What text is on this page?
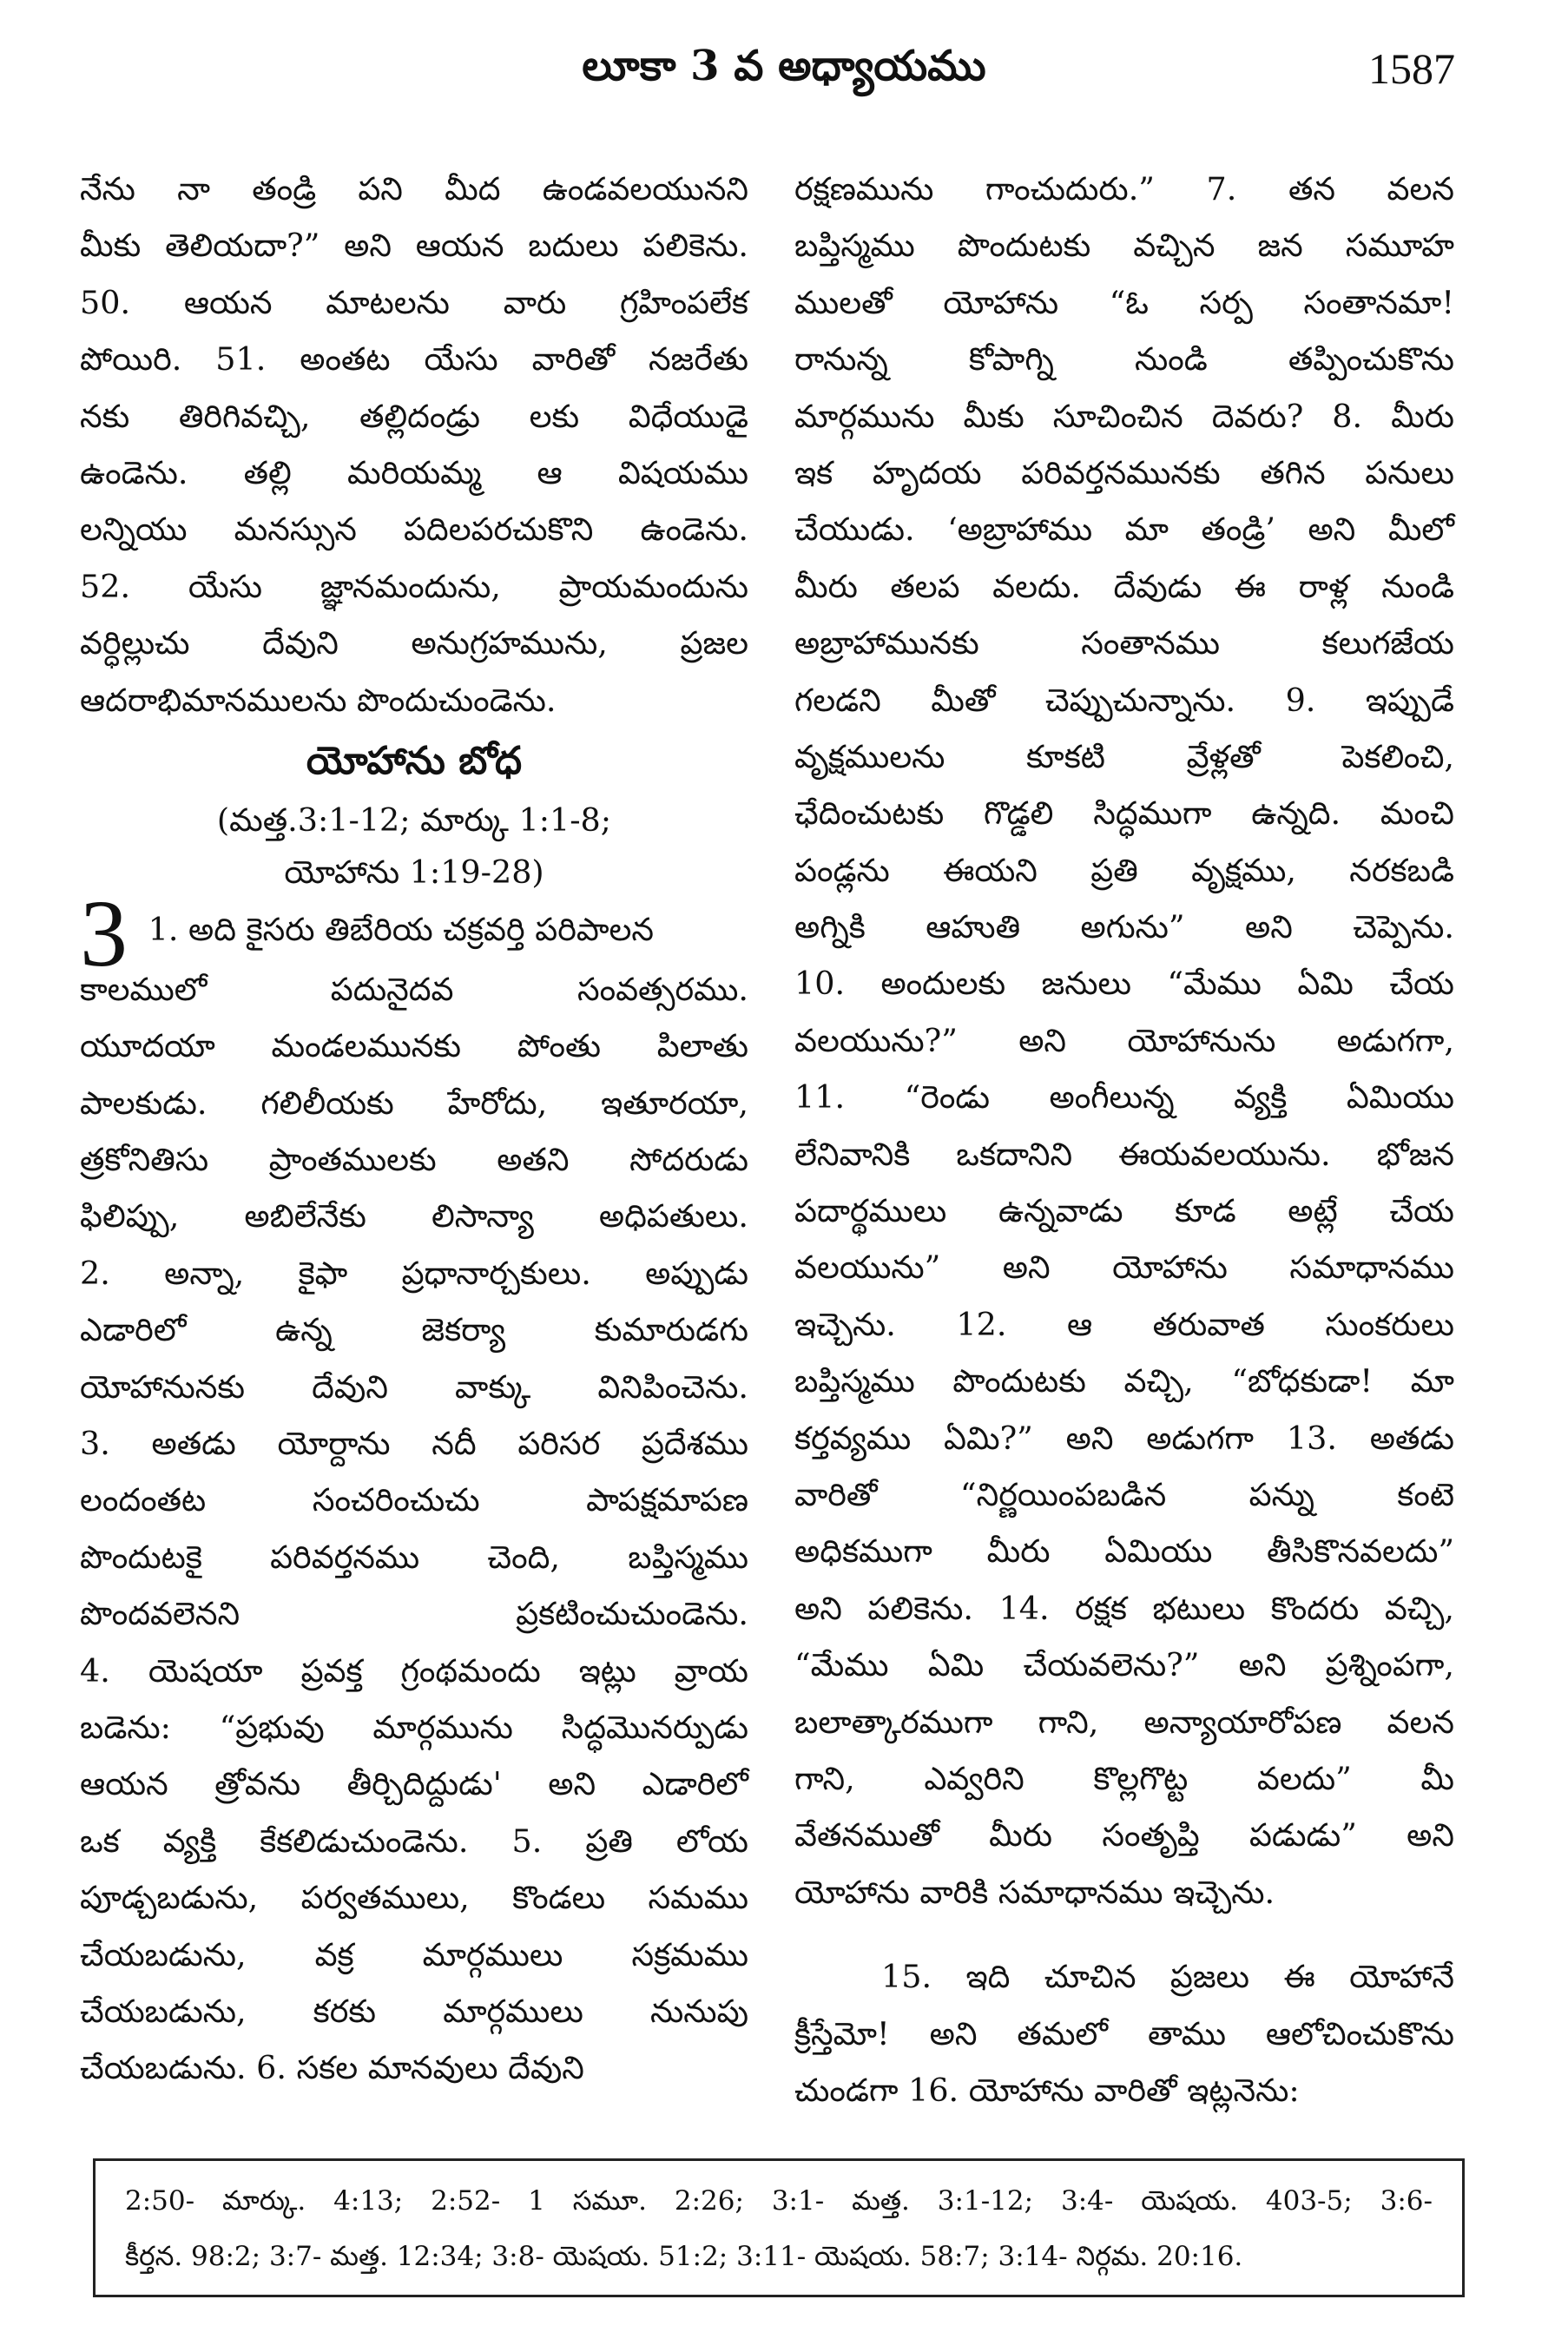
లూకా 3 వ అధ్యాయము	1587
నేను నా తండ్రి పని మీద ఉండవలయునని
మీకు తెలియదా?” అని ఆయన బదులు పలికెను.
50. ఆయన మాటలను వారు గ్రహింపలేక
పోయిరి. 51. అంతట యేసు వారితో నజరేతు
నకు తిరిగివచ్చి, తల్లిదండ్రు లకు విధేయుడై
ఉండెను. తల్లి మరియమ్మ ఆ విషయము
లన్నియు మనస్సున పదిలపరచుకొని ఉండెను.
52. యేసు జ్ఞానమందును, ప్రాయమందును
వర్ధిల్లుచు దేవుని అనుగ్రహమును, ప్రజల
ఆదరాభిమానములను పొందుచుండెను.
యోహాను బోధ
(మత్త.3:1-12; మార్కు 1:1-8;
యోహాను 1:19-28)
3 1. అది కైసరు తిబేరియ చక్రవర్తి పరిపాలన
కాలములో పదునైదవ సంవత్సరము.
యూదయా మండలమునకు పోంతు పిలాతు
పాలకుడు. గలిలీయకు హేరోదు, ఇతూరయా,
త్రకోనితిసు ప్రాంతములకు అతని సోదరుడు
ఫిలిప్పు, అబిలేనేకు లిసాన్యా అధిపతులు.
2. అన్నా, కైఫా ప్రధానార్చకులు. అప్పుడు
ఎడారిలో ఉన్న జెకర్యా కుమారుడగు
యోహానునకు దేవుని వాక్కు వినిపించెను.
3. అతడు యోర్దాను నదీ పరిసర ప్రదేశము
లందంతట సంచరించుచు పాపక్షమాపణ
పొందుటకై పరివర్తనము చెంది, బప్తిస్మము
పొందవలెనని ప్రకటించుచుండెను.
4. యెషయా ప్రవక్త గ్రంథమందు ఇట్లు వ్రాయ
బడెను: “ప్రభువు మార్గమును సిద్ధమొనర్పుడు
ఆయన త్రోవను తీర్చిదిద్దుడు' అని ఎడారిలో
ఒక వ్యక్తి కేకలిడుచుండెను. 5. ప్రతి లోయ
పూడ్చబడును, పర్వతములు, కొండలు సమము
చేయబడును, వక్ర మార్గములు సక్రమము
చేయబడును, కరకు మార్గములు నునుపు
చేయబడును. 6. సకల మానవులు దేవుని
రక్షణమును గాంచుదురు.” 7. తన వలన
బప్తిస్మము పొందుటకు వచ్చిన జన సమూహ
ములతో యోహాను “ఓ సర్ప సంతానమా!
రానున్న కోపాగ్ని నుండి తప్పించుకొను
మార్గమును మీకు సూచించిన దెవరు? 8. మీరు
ఇక హృదయ పరివర్తనమునకు తగిన పనులు
చేయుడు. ‘అబ్రాహాము మా తండ్రి’ అని మీలో
మీరు తలప వలదు. దేవుడు ఈ రాళ్ల నుండి
అబ్రాహామునకు సంతానము కలుగజేయ
గలడని మీతో చెప్పుచున్నాను. 9. ఇప్పుడే
వృక్షములను కూకటి వ్రేళ్లతో పెకలించి,
ఛేదించుటకు గొడ్డలి సిద్ధముగా ఉన్నది. మంచి
పండ్లను ఈయని ప్రతి వృక్షము, నరకబడి
అగ్నికి ఆహుతి అగును” అని చెప్పెను.
10. అందులకు జనులు “మేము ఏమి చేయ
వలయును?” అని యోహానును అడుగగా,
11. “రెండు అంగీలున్న వ్యక్తి ఏమియు
లేనివానికి ఒకదానిని ఈయవలయును. భోజన
పదార్థములు ఉన్నవాడు కూడ అట్లే చేయ
వలయును” అని యోహాను సమాధానము
ఇచ్చెను. 12. ఆ తరువాత సుంకరులు
బప్తిస్మము పొందుటకు వచ్చి, “బోధకుడా! మా
కర్తవ్యము ఏమి?” అని అడుగగా 13. అతడు
వారితో “నిర్ణయింపబడిన పన్ను కంటె
అధికముగా మీరు ఏమియు తీసికొనవలదు”
అని పలికెను. 14. రక్షక భటులు కొందరు వచ్చి,
“మేము ఏమి చేయవలెను?” అని ప్రశ్నింపగా,
బలాత్కారముగా గాని, అన్యాయారోపణ వలన
గాని, ఎవ్వరిని కొల్లగొట్ట వలదు” మీ
వేతనముతో మీరు సంతృప్తి పడుడు” అని
యోహాను వారికి సమాధానము ఇచ్చెను.
15. ఇది చూచిన ప్రజలు ఈ యోహానే
క్రీస్తేమో! అని తమలో తాము ఆలోచించుకొను
చుండగా 16. యోహాను వారితో ఇట్లనెను:
2:50- మార్కు. 4:13; 2:52- 1 సమూ. 2:26; 3:1- మత్త. 3:1-12; 3:4- యెషయ. 403-5; 3:6-
కీర్తన. 98:2; 3:7- మత్త. 12:34; 3:8- యెషయ. 51:2; 3:11- యెషయ. 58:7; 3:14- నిర్గమ. 20:16.
